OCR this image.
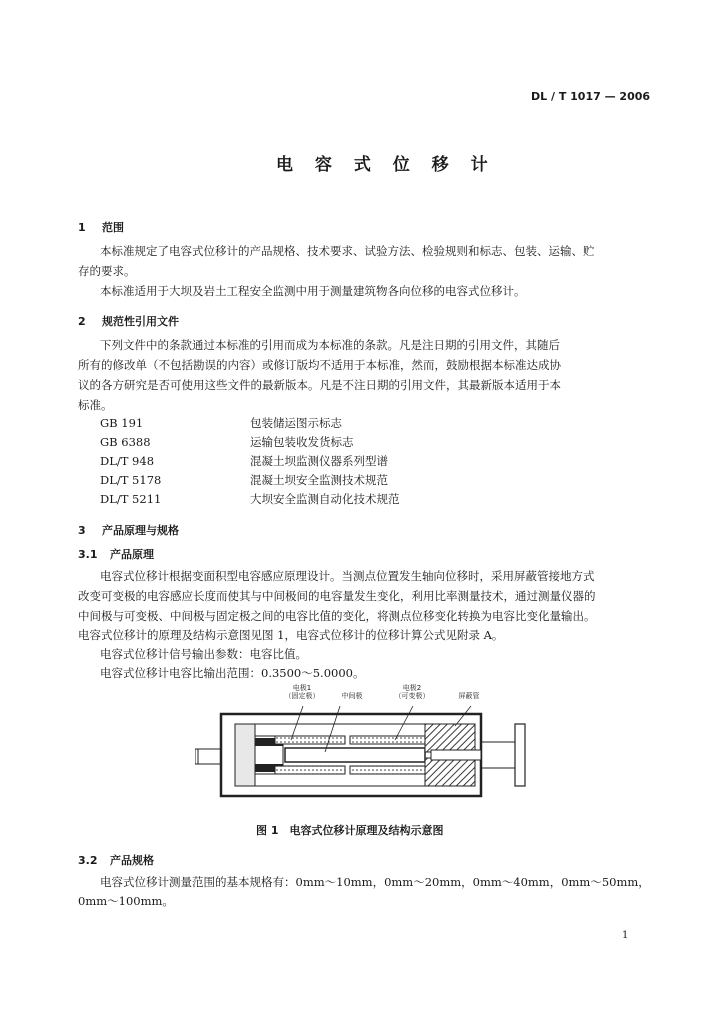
DL / T 1017 — 2006
电 容 式 位 移 计
1 范围
本标准规定了电容式位移计的产品规格、技术要求、试验方法、检验规则和标志、包装、运输、贮
存的要求。
本标准适用于大坝及岩土工程安全监测中用于测量建筑物各向位移的电容式位移计。
2 规范性引用文件
下列文件中的条款通过本标准的引用而成为本标准的条款。凡是注日期的引用文件，其随后
所有的修改单（不包括勘误的内容）或修订版均不适用于本标准，然而，鼓励根据本标准达成协
议的各方研究是否可使用这些文件的最新版本。凡是不注日期的引用文件，其最新版本适用于本
标准。
GB 191	包装储运图示标志
GB 6388	运输包装收发货标志
DL/T 948	混凝土坝监测仪器系列型谱
DL/T 5178	混凝土坝安全监测技术规范
DL/T 5211	大坝安全监测自动化技术规范
3 产品原理与规格
3.1 产品原理
电容式位移计根据变面积型电容感应原理设计。当测点位置发生轴向位移时，采用屏蔽管接地方式
改变可变极的电容感应长度而使其与中间极间的电容量发生变化，利用比率测量技术，通过测量仪器的
中间极与可变极、中间极与固定极之间的电容比值的变化，将测点位移变化转换为电容比变化量输出。
电容式位移计的原理及结构示意图见图 1，电容式位移计的位移计算公式见附录 A。
电容式位移计信号输出参数：电容比值。
电容式位移计电容比输出范围：0.3500～5.0000。
电极1
（固定极）	中间极
电极2
（可变极）	屏蔽管
图 1　电容式位移计原理及结构示意图
3.2 产品规格
电容式位移计测量范围的基本规格有：0mm～10mm，0mm～20mm，0mm～40mm，0mm～50mm，
0mm～100mm。
1
